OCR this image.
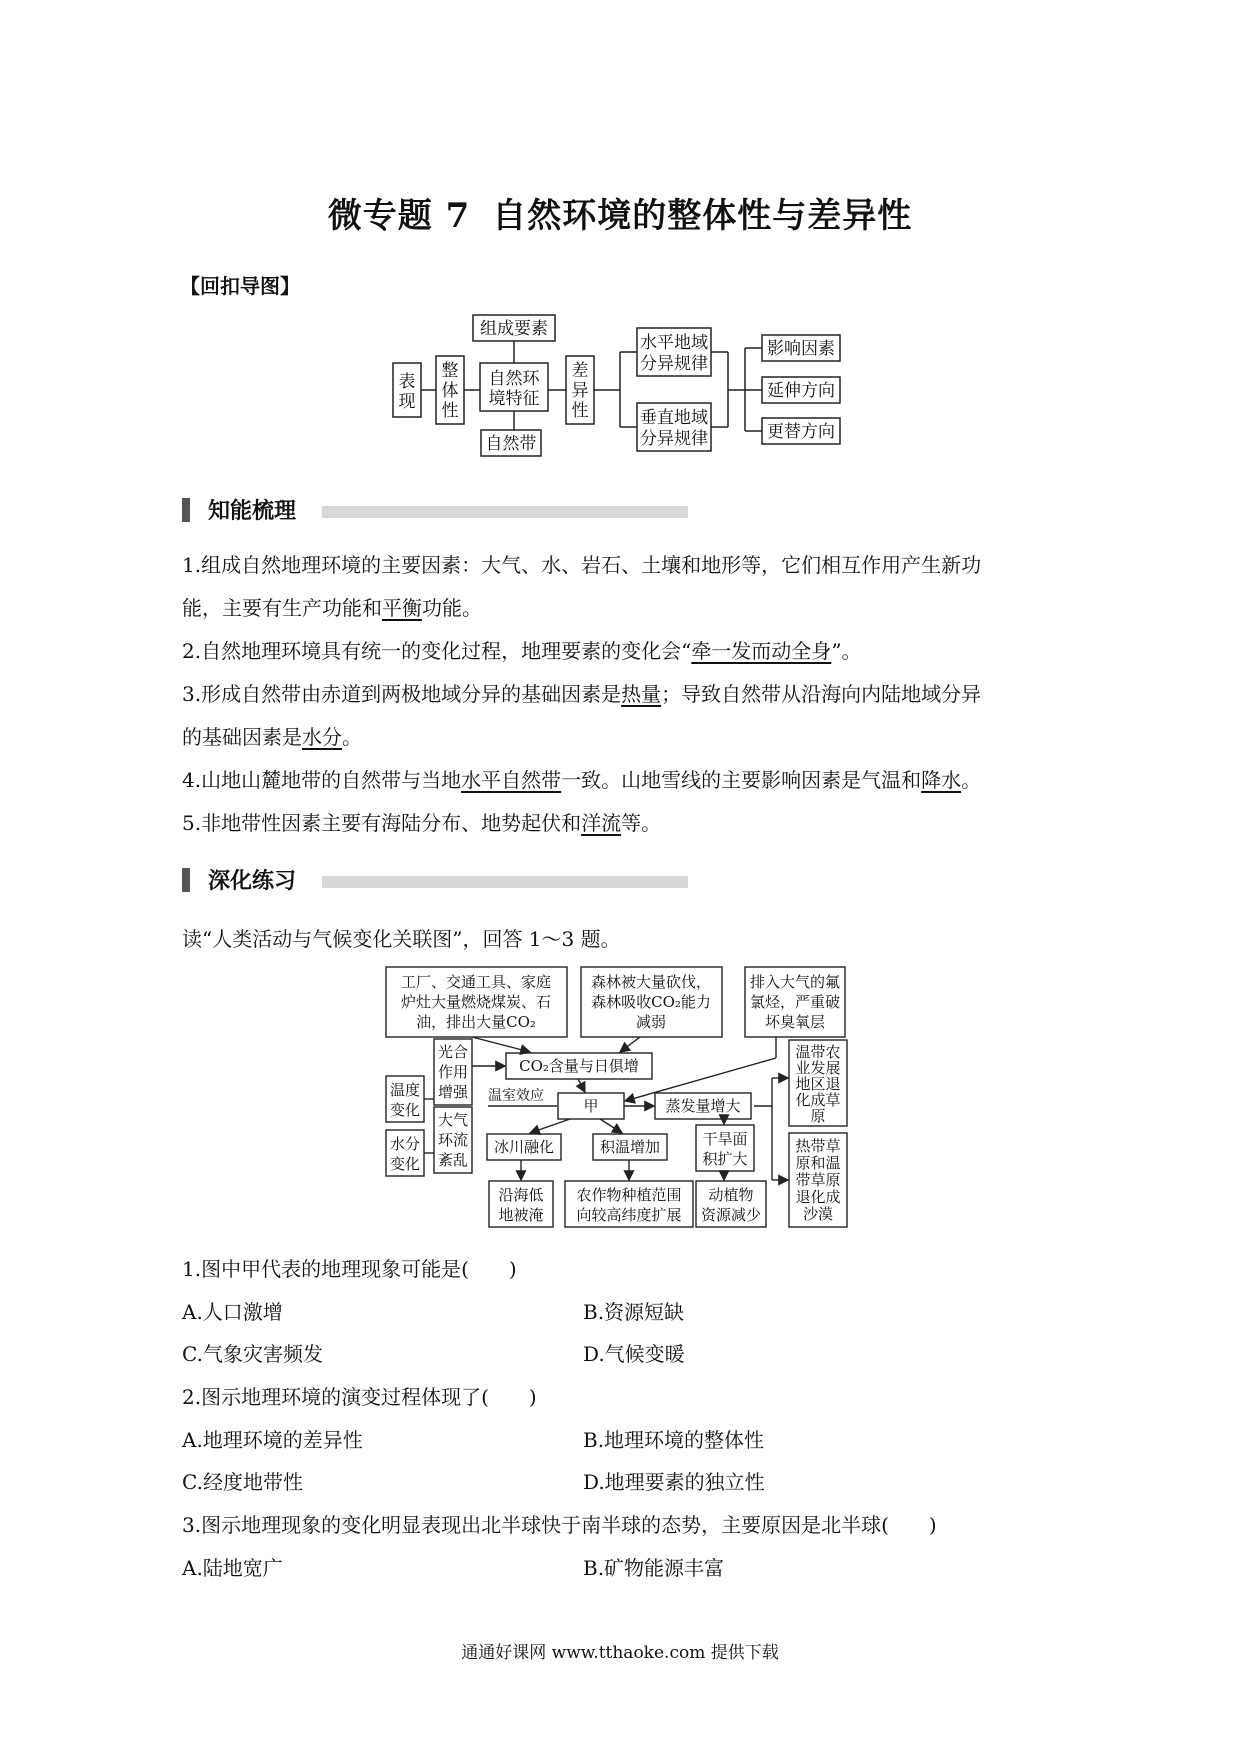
微专题 7 自然环境的整体性与差异性
【回扣导图】
表
现
整
体
性
组成要素
自然环
境特征
自然带
差
异
性
水平地域
分异规律
垂直地域
分异规律
影响因素
延伸方向
更替方向
知能梳理
1.组成自然地理环境的主要因素：大气、水、岩石、土壤和地形等，它们相互作用产生新功
能，主要有生产功能和平衡功能。
2.自然地理环境具有统一的变化过程，地理要素的变化会“牵一发而动全身”。
3.形成自然带由赤道到两极地域分异的基础因素是热量；导致自然带从沿海向内陆地域分异
的基础因素是水分。
4.山地山麓地带的自然带与当地水平自然带一致。山地雪线的主要影响因素是气温和降水。
5.非地带性因素主要有海陆分布、地势起伏和洋流等。
深化练习
读“人类活动与气候变化关联图”，回答 1～3 题。
工厂、交通工具、家庭
炉灶大量燃烧煤炭、石
油，排出大量CO₂
森林被大量砍伐，
森林吸收CO₂能力
减弱
排入大气的氟
氯烃，严重破
坏臭氧层
CO₂含量与日俱增
光合
作用
增强
温度
变化
大气
环流
紊乱
水分
变化
温室效应
甲	蒸发量增大
冰川融化	积温增加	干旱面
积扩大
沿海低
地被淹
农作物种植范围
向较高纬度扩展
动植物
资源减少
温带农
业发展
地区退
化成草
原
热带草
原和温
带草原
退化成
沙漠
1.图中甲代表的地理现象可能是(　　)
A.人口激增	B.资源短缺
C.气象灾害频发	D.气候变暖
2.图示地理环境的演变过程体现了(　　)
A.地理环境的差异性	B.地理环境的整体性
C.经度地带性	D.地理要素的独立性
3.图示地理现象的变化明显表现出北半球快于南半球的态势，主要原因是北半球(　　)
A.陆地宽广	B.矿物能源丰富
通通好课网 www.tthaoke.com 提供下载
